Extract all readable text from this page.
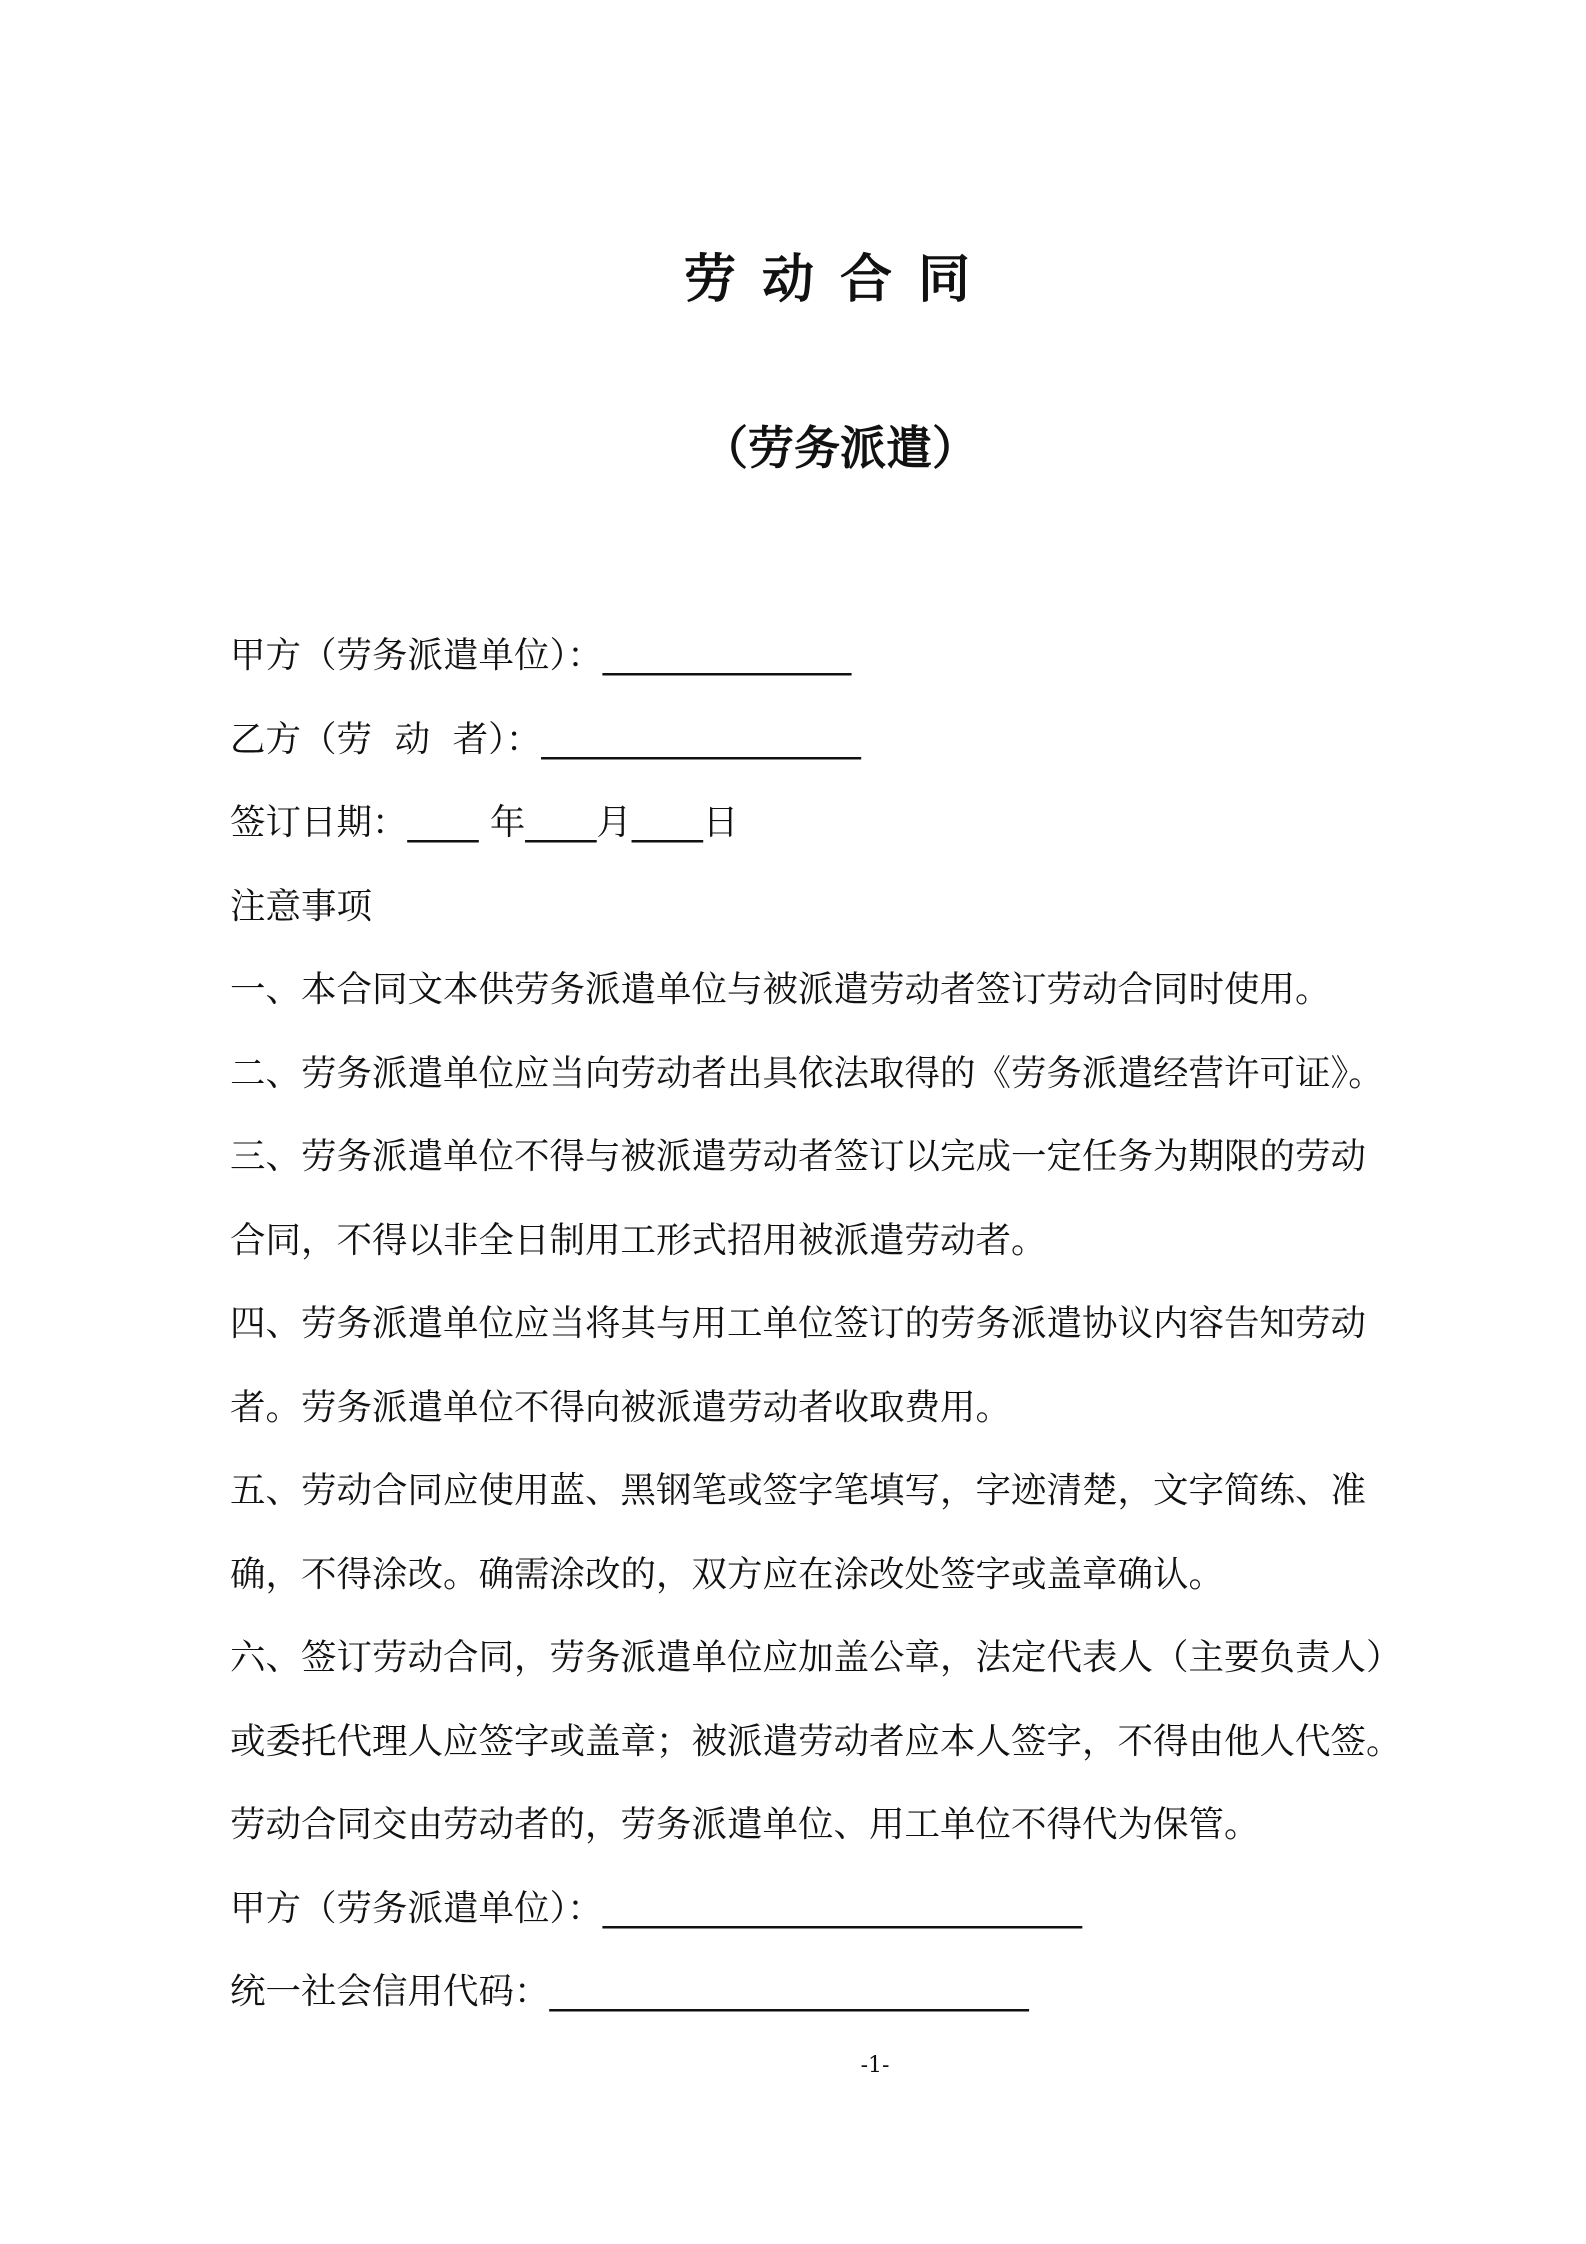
劳动合同
（劳务派遣）
甲方（劳务派遣单位）：______________
乙方（劳  动  者）：__________________
签订日期：____ 年____月____日
注意事项
一、本合同文本供劳务派遣单位与被派遣劳动者签订劳动合同时使用。
二、劳务派遣单位应当向劳动者出具依法取得的《劳务派遣经营许可证》。
三、劳务派遣单位不得与被派遣劳动者签订以完成一定任务为期限的劳动
合同，不得以非全日制用工形式招用被派遣劳动者。
四、劳务派遣单位应当将其与用工单位签订的劳务派遣协议内容告知劳动
者。劳务派遣单位不得向被派遣劳动者收取费用。
五、劳动合同应使用蓝、黑钢笔或签字笔填写，字迹清楚，文字简练、准
确，不得涂改。确需涂改的，双方应在涂改处签字或盖章确认。
六、签订劳动合同，劳务派遣单位应加盖公章，法定代表人（主要负责人）
或委托代理人应签字或盖章；被派遣劳动者应本人签字，不得由他人代签。
劳动合同交由劳动者的，劳务派遣单位、用工单位不得代为保管。
甲方（劳务派遣单位）：___________________________
统一社会信用代码：___________________________
-1-
